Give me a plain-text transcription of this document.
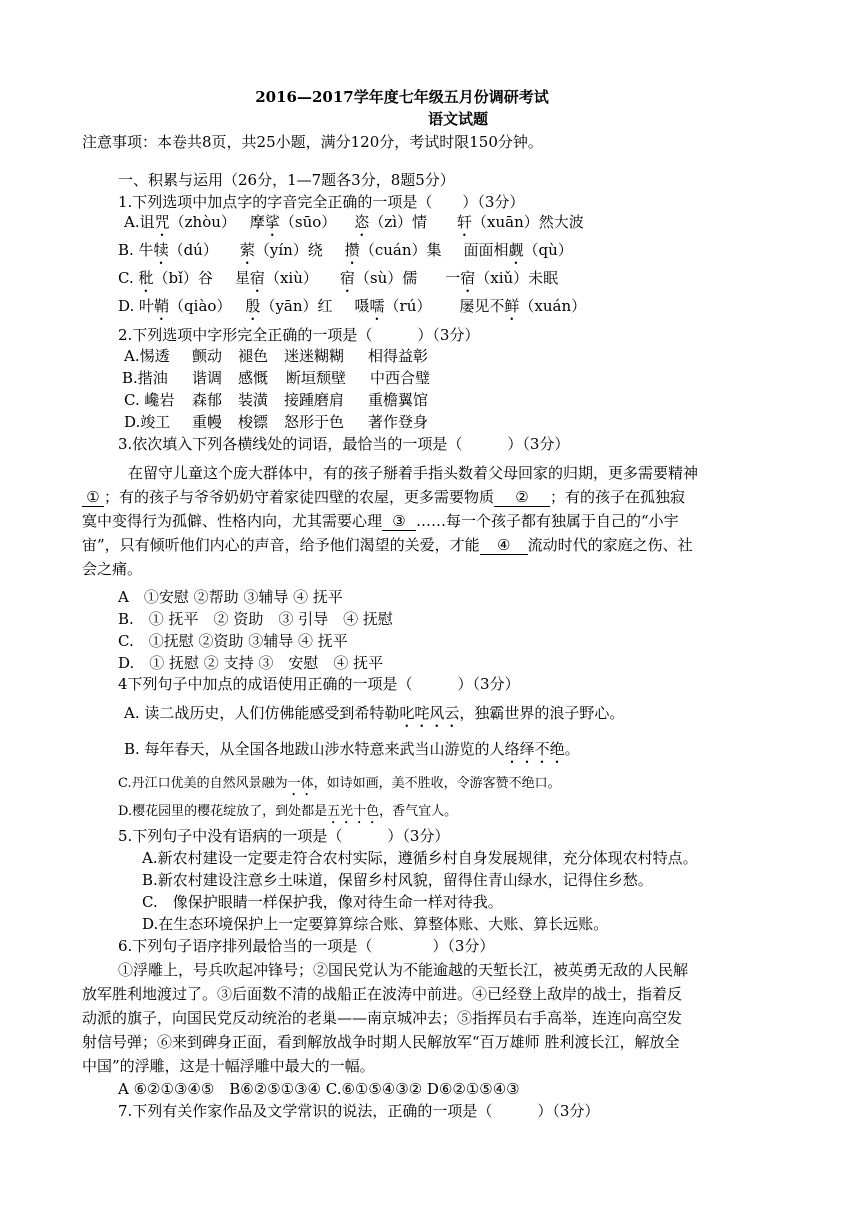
2016—2017学年度七年级五月份调研考试
语文试题
注意事项：本卷共8页，共25小题，满分120分，考试时限150分钟。
一、积累与运用（26分，1—7题各3分，8题5分）
1.下列选项中加点字的字音完全正确的一项是（　　）（3分）
A.诅咒（zhòu） 摩挲（sūo） 恣（zì）情 轩（xuān）然大波
B. 牛犊（dú） 萦（yín）绕 攒（cuán）集 面面相觑（qù）
C. 秕（bǐ）谷 星宿（xiù） 宿（sù）儒 一宿（xiǔ）未眠
D. 叶鞘（qiào） 殷（yān）红 嗫嚅（rú） 屡见不鲜（xuán）
2.下列选项中字形完全正确的一项是（　　　）（3分）
A.惕透 颤动 褪色 迷迷糊糊 相得益彰
B.揩油 谐调 感慨 断垣颓壁 中西合璧
C. 巉岩 森郁 装潢 接踵磨肩 重檐翼馆
D.竣工 重幔 梭镖 怒形于色 著作登身
3.依次填入下列各横线处的词语，最恰当的一项是（　　　）（3分）
在留守儿童这个庞大群体中，有的孩子掰着手指头数着父母回家的归期，更多需要精神
① ；有的孩子与爷爷奶奶守着家徒四壁的农屋，更多需要物质 ② ；有的孩子在孤独寂
寞中变得行为孤僻、性格内向，尤其需要心理 ③ ……每一个孩子都有独属于自己的“小宇
宙”，只有倾听他们内心的声音，给予他们渴望的关爱，才能 ④ 流动时代的家庭之伤、社
会之痛。
A　①安慰 ②帮助 ③辅导 ④ 抚平
B.　① 抚平　② 资助　③ 引导　④ 抚慰
C.　①抚慰 ②资助 ③辅导 ④ 抚平
D.　① 抚慰 ② 支持 ③　安慰　④ 抚平
4下列句子中加点的成语使用正确的一项是（　　　）（3分）
A. 读二战历史，人们仿佛能感受到希特勒叱咤风云，独霸世界的浪子野心。
B. 每年春天，从全国各地跋山涉水特意来武当山游览的人络绎不绝。
C.丹江口优美的自然风景融为一体，如诗如画，美不胜收，令游客赞不绝口。
D.樱花园里的樱花绽放了，到处都是五光十色，香气宜人。
5.下列句子中没有语病的一项是（　　　）（3分）
A.新农村建设一定要走符合农村实际，遵循乡村自身发展规律，充分体现农村特点。
B.新农村建设注意乡土味道，保留乡村风貌，留得住青山绿水，记得住乡愁。
C.　像保护眼睛一样保护我，像对待生命一样对待我。
D.在生态环境保护上一定要算算综合账、算整体账、大账、算长远账。
6.下列句子语序排列最恰当的一项是（　　　　）（3分）
①浮雕上，号兵吹起冲锋号；②国民党认为不能逾越的天堑长江，被英勇无敌的人民解
放军胜利地渡过了。③后面数不清的战船正在波涛中前进。④已经登上敌岸的战士，指着反
动派的旗子，向国民党反动统治的老巢——南京城冲去；⑤指挥员右手高举，连连向高空发
射信号弹；⑥来到碑身正面，看到解放战争时期人民解放军“百万雄师 胜利渡长江，解放全
中国”的浮雕，这是十幅浮雕中最大的一幅。
A ⑥②①③④⑤　B⑥②⑤①③④ C.⑥①⑤④③② D⑥②①⑤④③
7.下列有关作家作品及文学常识的说法，正确的一项是（　　　）（3分）
